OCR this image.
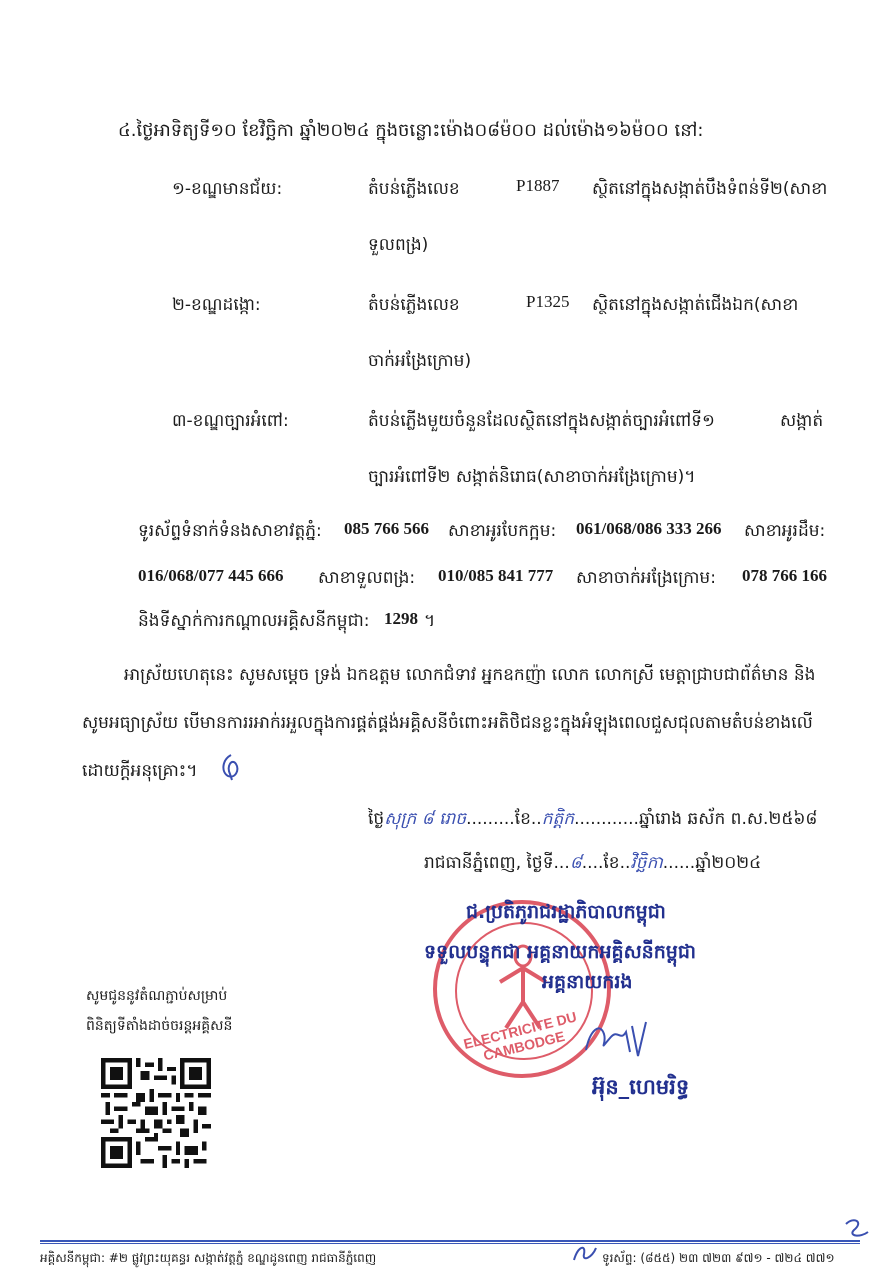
៤.ថ្ងៃអាទិត្យទី១០ ខែវិច្ឆិកា ឆ្នាំ២០២៤ ក្នុងចន្លោះម៉ោង០៨ម៉០០ ដល់ម៉ោង១៦ម៉០០ នៅ:
១-ខណ្ឌមានជ័យ:	តំបន់ភ្លើងលេខ	P1887 ស្ថិតនៅក្នុងសង្កាត់បឹងទំពន់ទី២(សាខា
ទួលពង្រ)
២-ខណ្ឌដង្កោ:	តំបន់ភ្លើងលេខ	P1325 ស្ថិតនៅក្នុងសង្កាត់ជើងឯក(សាខា
ចាក់អង្រែក្រោម)
៣-ខណ្ឌច្បារអំពៅ:	តំបន់ភ្លើងមួយចំនួនដែលស្ថិតនៅក្នុងសង្កាត់ច្បារអំពៅទី១	សង្កាត់
ច្បារអំពៅទី២ សង្កាត់និរោធ(សាខាចាក់អង្រែក្រោម)។
ទូរស័ព្ទទំនាក់ទំនងសាខាវត្តភ្នំ: 085 766 566 សាខាអូរបែកក្អម: 061/068/086 333 266 សាខាអូរដឹម:
016/068/077 445 666 សាខាទួលពង្រ: 010/085 841 777 សាខាចាក់អង្រែក្រោម: 078 766 166
និងទីស្នាក់ការកណ្តាលអគ្គិសនីកម្ពុជា: 1298 ។
អាស្រ័យហេតុនេះ សូមសម្តេច ទ្រង់ ឯកឧត្តម លោកជំទាវ អ្នកឧកញ៉ា លោក លោកស្រី មេត្តាជ្រាបជាព័ត៌មាន និង
សូមអធ្យាស្រ័យ បើមានការរអាក់រអួលក្នុងការផ្គត់ផ្គង់អគ្គិសនីចំពោះអតិថិជនខ្លះក្នុងអំឡុងពេលជួសជុលតាមតំបន់ខាងលើ
ដោយក្តីអនុគ្រោះ។
ថ្ងៃសុក្រ ៨ រោច.........ខែ..កត្តិក............ឆ្នាំរោង ឆស័ក ព.ស.២៥៦៨
រាជធានីភ្នំពេញ, ថ្ងៃទី...៨....ខែ..វិច្ឆិកា......ឆ្នាំ២០២៤
ELECTRICITE DU CAMBODGE
ជ.ប្រតិភូរាជរដ្ឋាភិបាលកម្ពុជា
ទទួលបន្ទុកជា អគ្គនាយកអគ្គិសនីកម្ពុជា
អគ្គនាយករង
អ៊ុន_ហេមរិទ្ធ
សូមជូននូវតំណភ្ជាប់សម្រាប់
ពិនិត្យទីតាំងដាច់ចរន្តអគ្គិសនី
អគ្គិសនីកម្ពុជា: #២ ផ្លូវព្រះយុគន្ធរ សង្កាត់វត្តភ្នំ ខណ្ឌដូនពេញ រាជធានីភ្នំពេញ	ទូរស័ព្ទ: (៨៥៥) ២៣ ៧២៣ ៩៧១ - ៧២៤ ៧៧១
